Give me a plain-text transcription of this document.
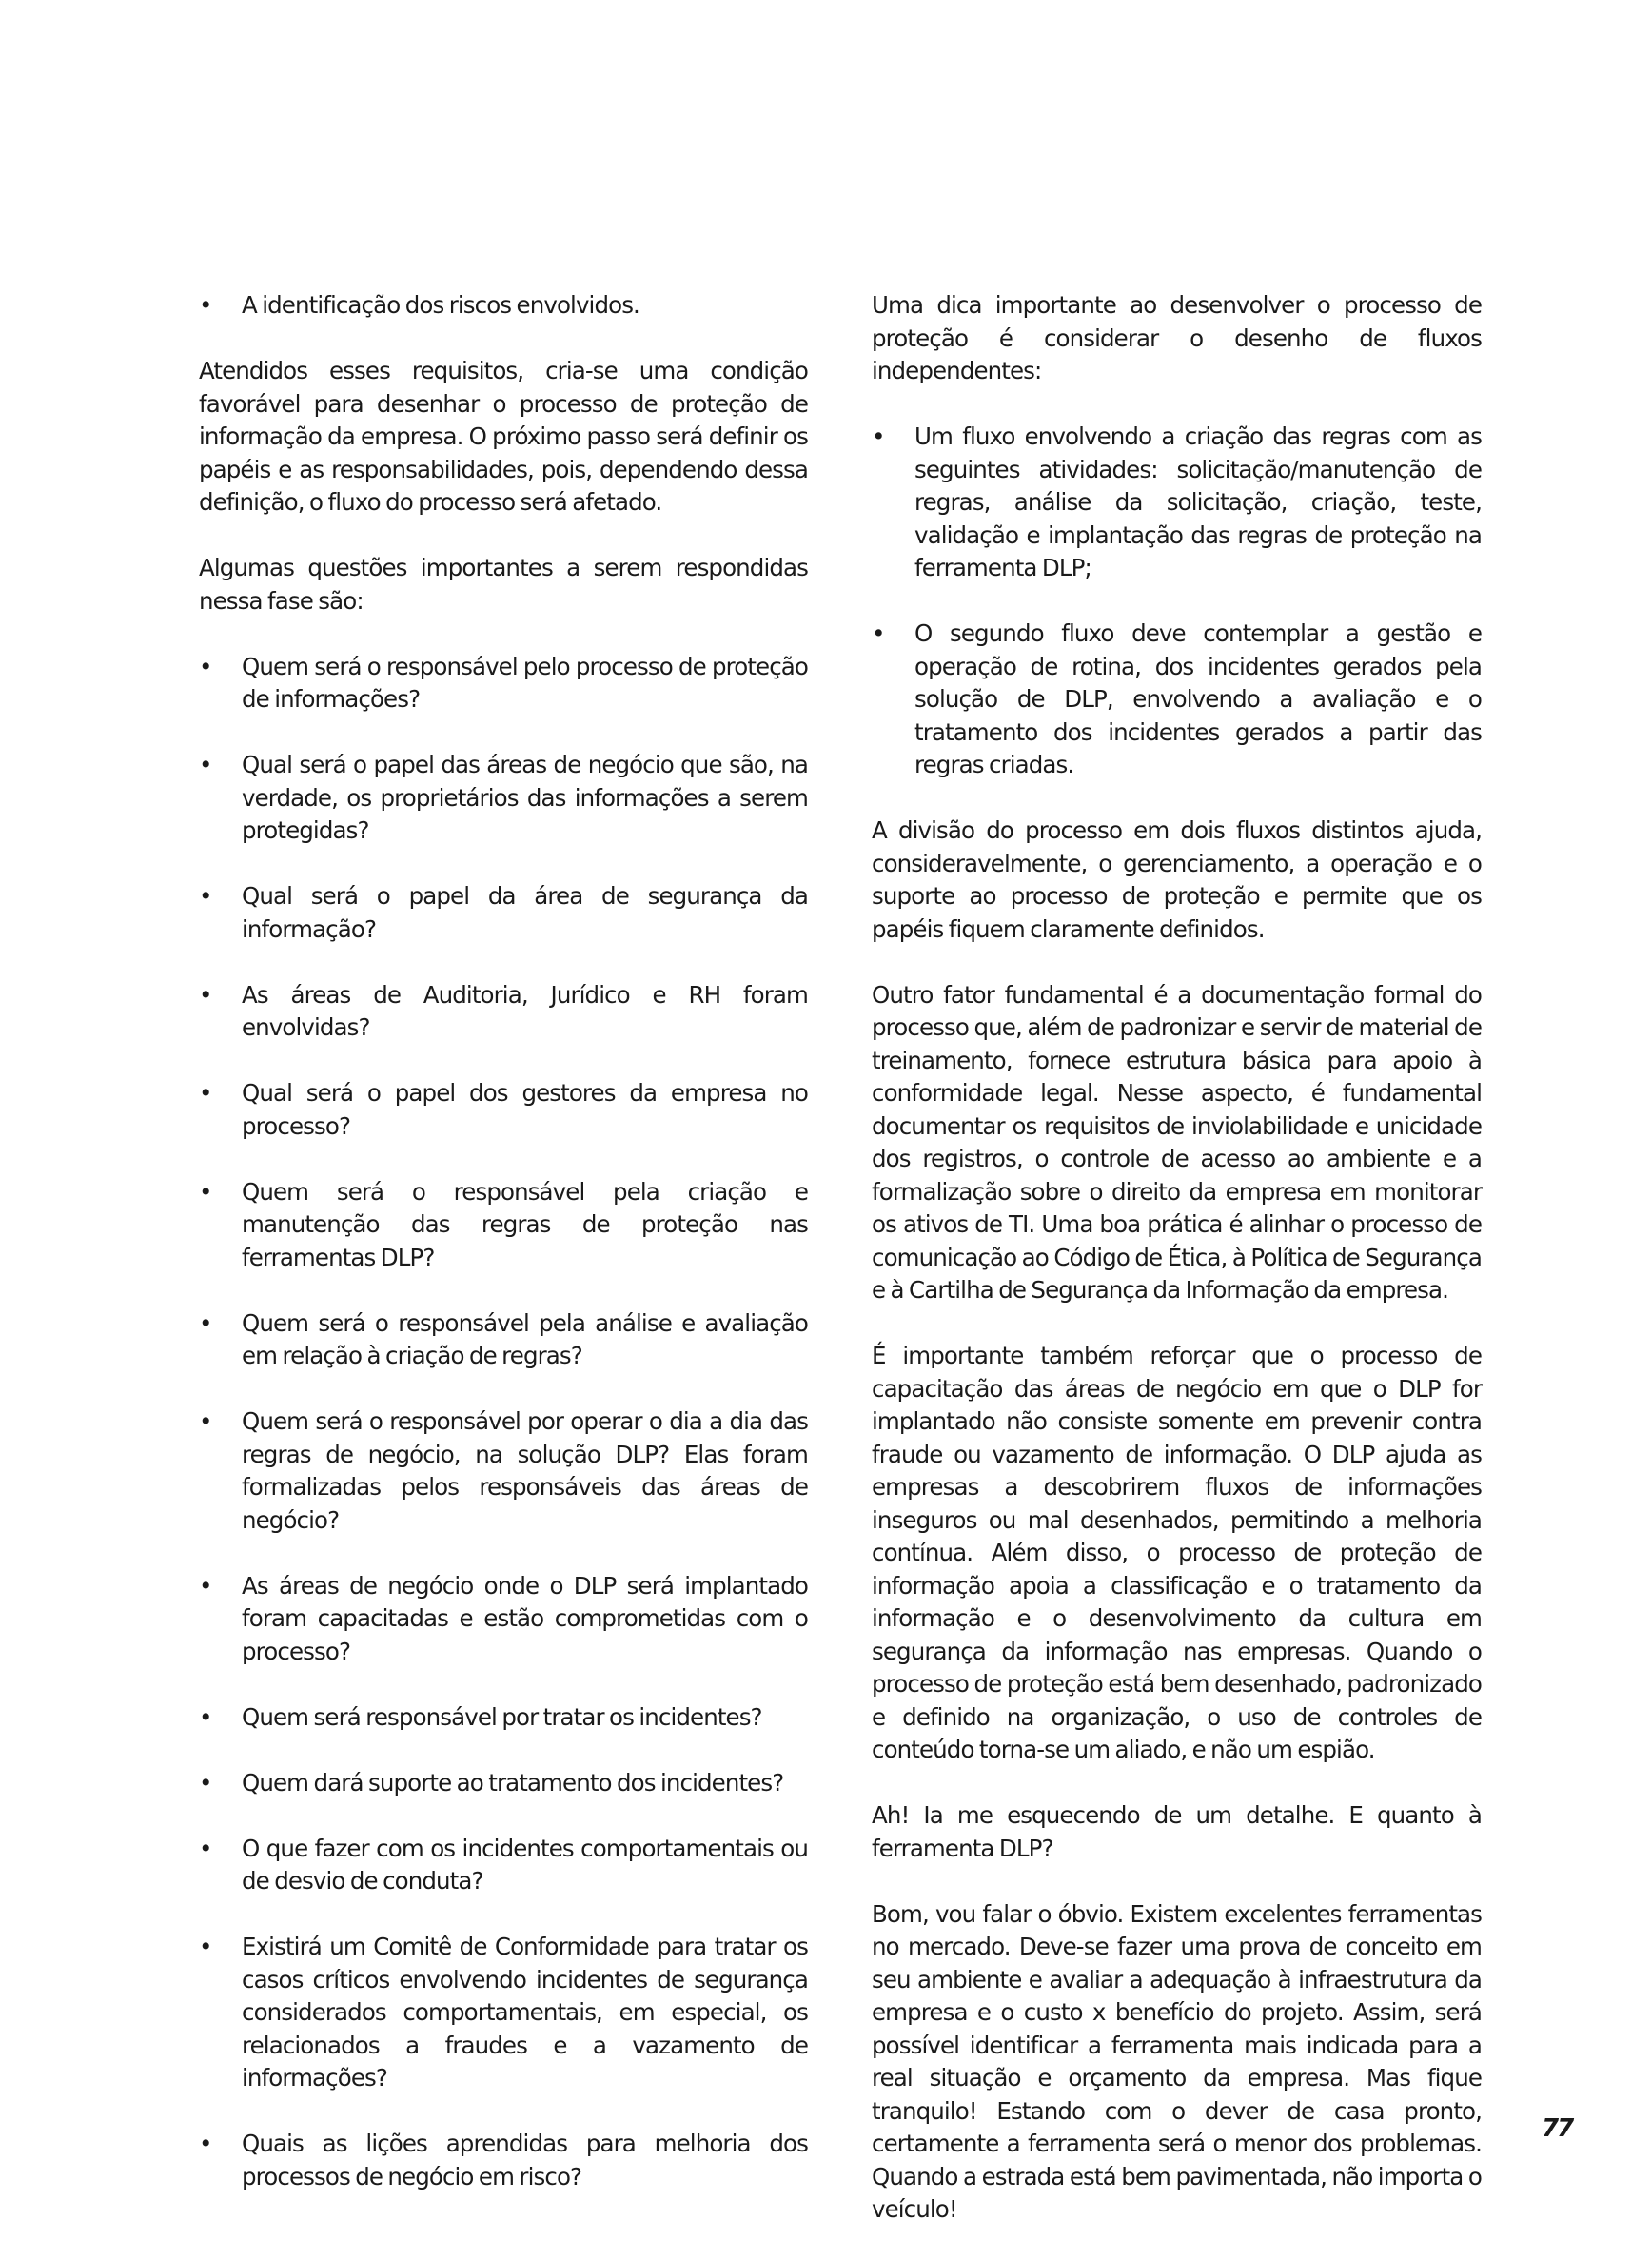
• A identificação dos riscos envolvidos.

Atendidos esses requisitos, cria-se uma condição favorável para desenhar o processo de proteção de informação da empresa. O próximo passo será definir os papéis e as responsabilidades, pois, dependendo dessa definição, o fluxo do processo será afetado.

Algumas questões importantes a serem respondidas nessa fase são:

• Quem será o responsável pelo processo de proteção de informações?
• Qual será o papel das áreas de negócio que são, na verdade, os proprietários das informações a serem protegidas?
• Qual será o papel da área de segurança da informação?
• As áreas de Auditoria, Jurídico e RH foram envolvidas?
• Qual será o papel dos gestores da empresa no processo?
• Quem será o responsável pela criação e manutenção das regras de proteção nas ferramentas DLP?
• Quem será o responsável pela análise e avaliação em relação à criação de regras?
• Quem será o responsável por operar o dia a dia das regras de negócio, na solução DLP? Elas foram formalizadas pelos responsáveis das áreas de negócio?
• As áreas de negócio onde o DLP será implantado foram capacitadas e estão comprometidas com o processo?
• Quem será responsável por tratar os incidentes?
• Quem dará suporte ao tratamento dos incidentes?
• O que fazer com os incidentes comportamentais ou de desvio de conduta?
• Existirá um Comitê de Conformidade para tratar os casos críticos envolvendo incidentes de segurança considerados comportamentais, em especial, os relacionados a fraudes e a vazamento de informações?
• Quais as lições aprendidas para melhoria dos processos de negócio em risco?

Uma dica importante ao desenvolver o processo de proteção é considerar o desenho de fluxos independentes:

• Um fluxo envolvendo a criação das regras com as seguintes atividades: solicitação/manutenção de regras, análise da solicitação, criação, teste, validação e implantação das regras de proteção na ferramenta DLP;
• O segundo fluxo deve contemplar a gestão e operação de rotina, dos incidentes gerados pela solução de DLP, envolvendo a avaliação e o tratamento dos incidentes gerados a partir das regras criadas.

A divisão do processo em dois fluxos distintos ajuda, consideravelmente, o gerenciamento, a operação e o suporte ao processo de proteção e permite que os papéis fiquem claramente definidos.

Outro fator fundamental é a documentação formal do processo que, além de padronizar e servir de material de treinamento, fornece estrutura básica para apoio à conformidade legal. Nesse aspecto, é fundamental documentar os requisitos de inviolabilidade e unicidade dos registros, o controle de acesso ao ambiente e a formalização sobre o direito da empresa em monitorar os ativos de TI. Uma boa prática é alinhar o processo de comunicação ao Código de Ética, à Política de Segurança e à Cartilha de Segurança da Informação da empresa.

É importante também reforçar que o processo de capacitação das áreas de negócio em que o DLP for implantado não consiste somente em prevenir contra fraude ou vazamento de informação. O DLP ajuda as empresas a descobrirem fluxos de informações inseguros ou mal desenhados, permitindo a melhoria contínua. Além disso, o processo de proteção de informação apoia a classificação e o tratamento da informação e o desenvolvimento da cultura em segurança da informação nas empresas. Quando o processo de proteção está bem desenhado, padronizado e definido na organização, o uso de controles de conteúdo torna-se um aliado, e não um espião.

Ah! Ia me esquecendo de um detalhe. E quanto à ferramenta DLP?

Bom, vou falar o óbvio. Existem excelentes ferramentas no mercado. Deve-se fazer uma prova de conceito em seu ambiente e avaliar a adequação à infraestrutura da empresa e o custo x benefício do projeto. Assim, será possível identificar a ferramenta mais indicada para a real situação e orçamento da empresa. Mas fique tranquilo! Estando com o dever de casa pronto, certamente a ferramenta será o menor dos problemas. Quando a estrada está bem pavimentada, não importa o veículo!

77
